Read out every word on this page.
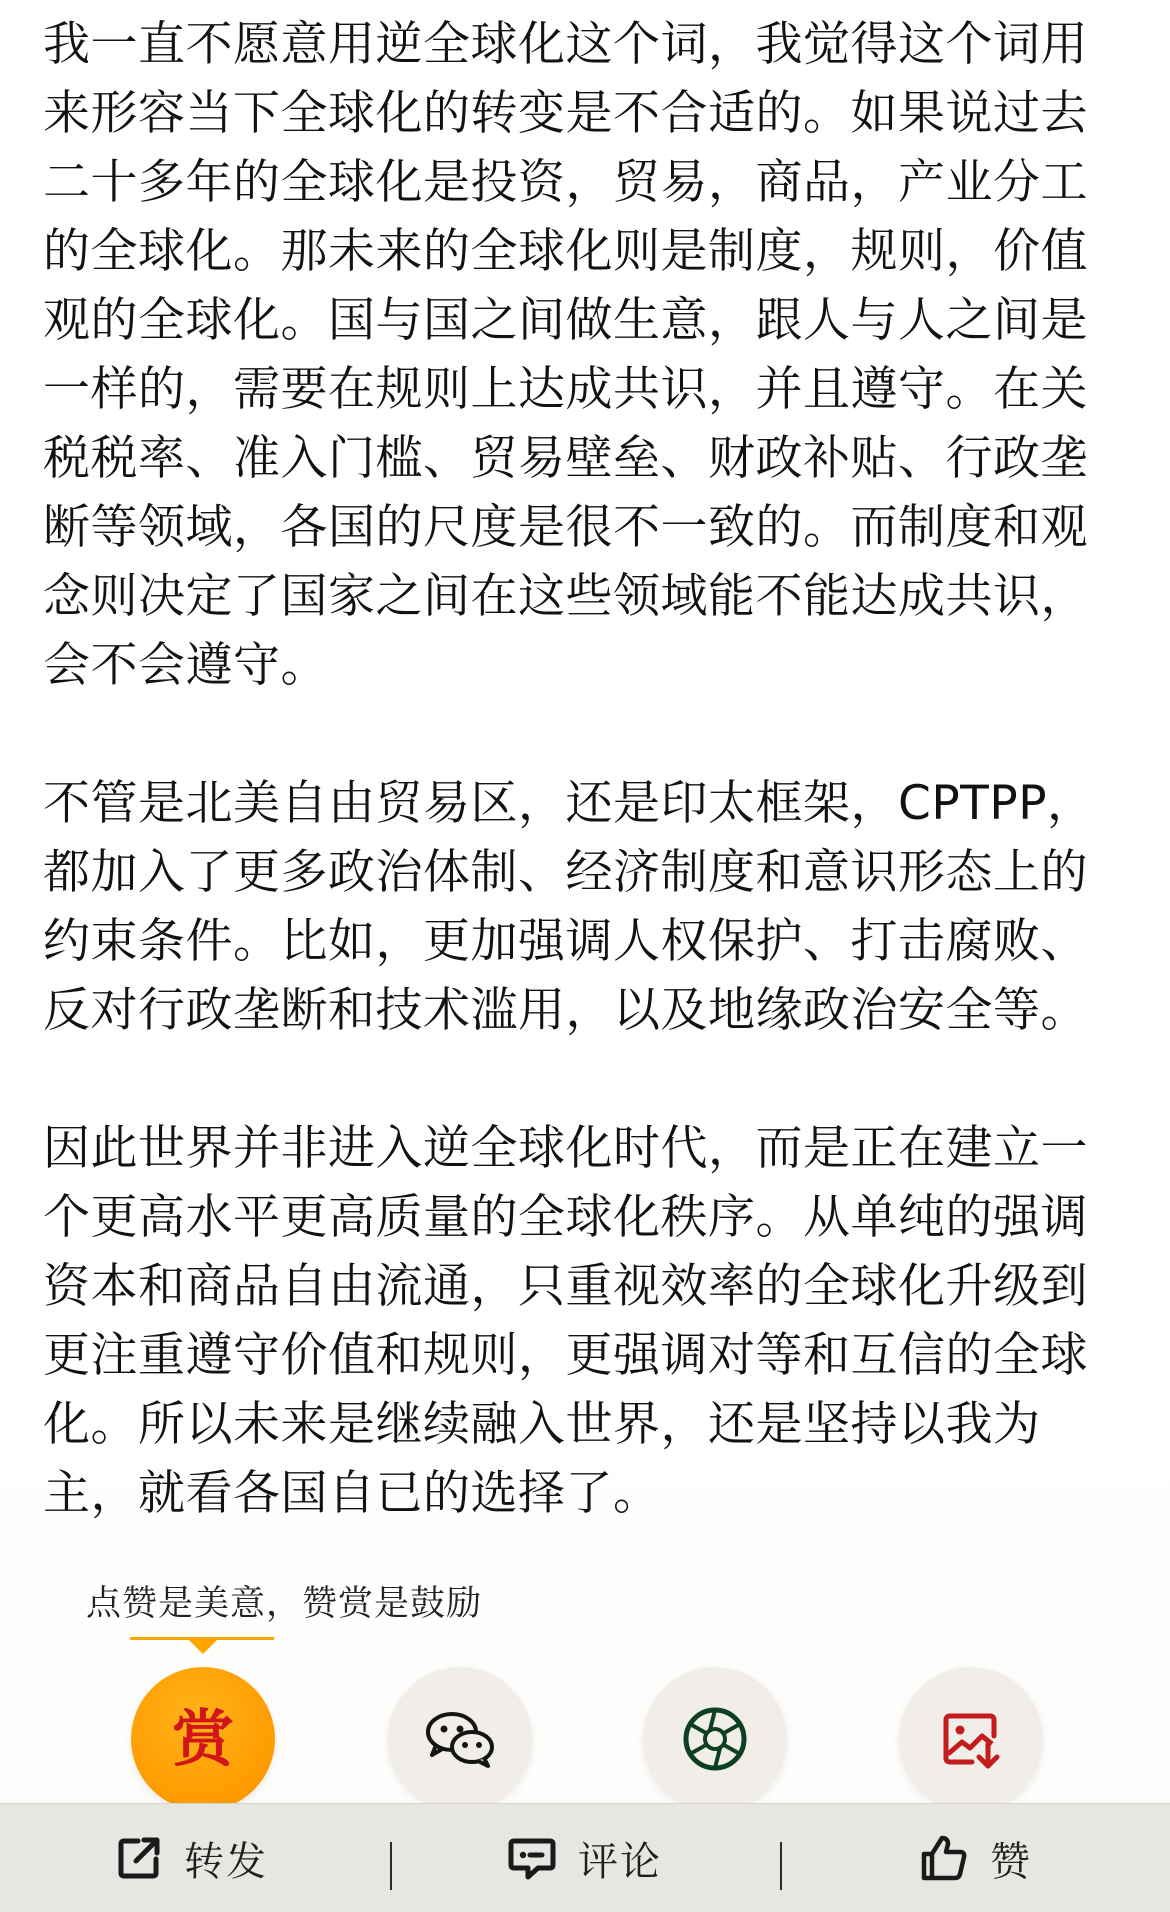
我一直不愿意用逆全球化这个词，我觉得这个词用
来形容当下全球化的转变是不合适的。如果说过去
二十多年的全球化是投资，贸易，商品，产业分工
的全球化。那未来的全球化则是制度，规则，价值
观的全球化。国与国之间做生意，跟人与人之间是
一样的，需要在规则上达成共识，并且遵守。在关
税税率、准入门槛、贸易壁垒、财政补贴、行政垄
断等领域，各国的尺度是很不一致的。而制度和观
念则决定了国家之间在这些领域能不能达成共识，
会不会遵守。

不管是北美自由贸易区，还是印太框架，CPTPP，
都加入了更多政治体制、经济制度和意识形态上的
约束条件。比如，更加强调人权保护、打击腐败、
反对行政垄断和技术滥用，以及地缘政治安全等。

因此世界并非进入逆全球化时代，而是正在建立一
个更高水平更高质量的全球化秩序。从单纯的强调
资本和商品自由流通，只重视效率的全球化升级到
更注重遵守价值和规则，更强调对等和互信的全球
化。所以未来是继续融入世界，还是坚持以我为
主，就看各国自已的选择了。

点赞是美意，赞赏是鼓励
赏
转发	评论	赞
